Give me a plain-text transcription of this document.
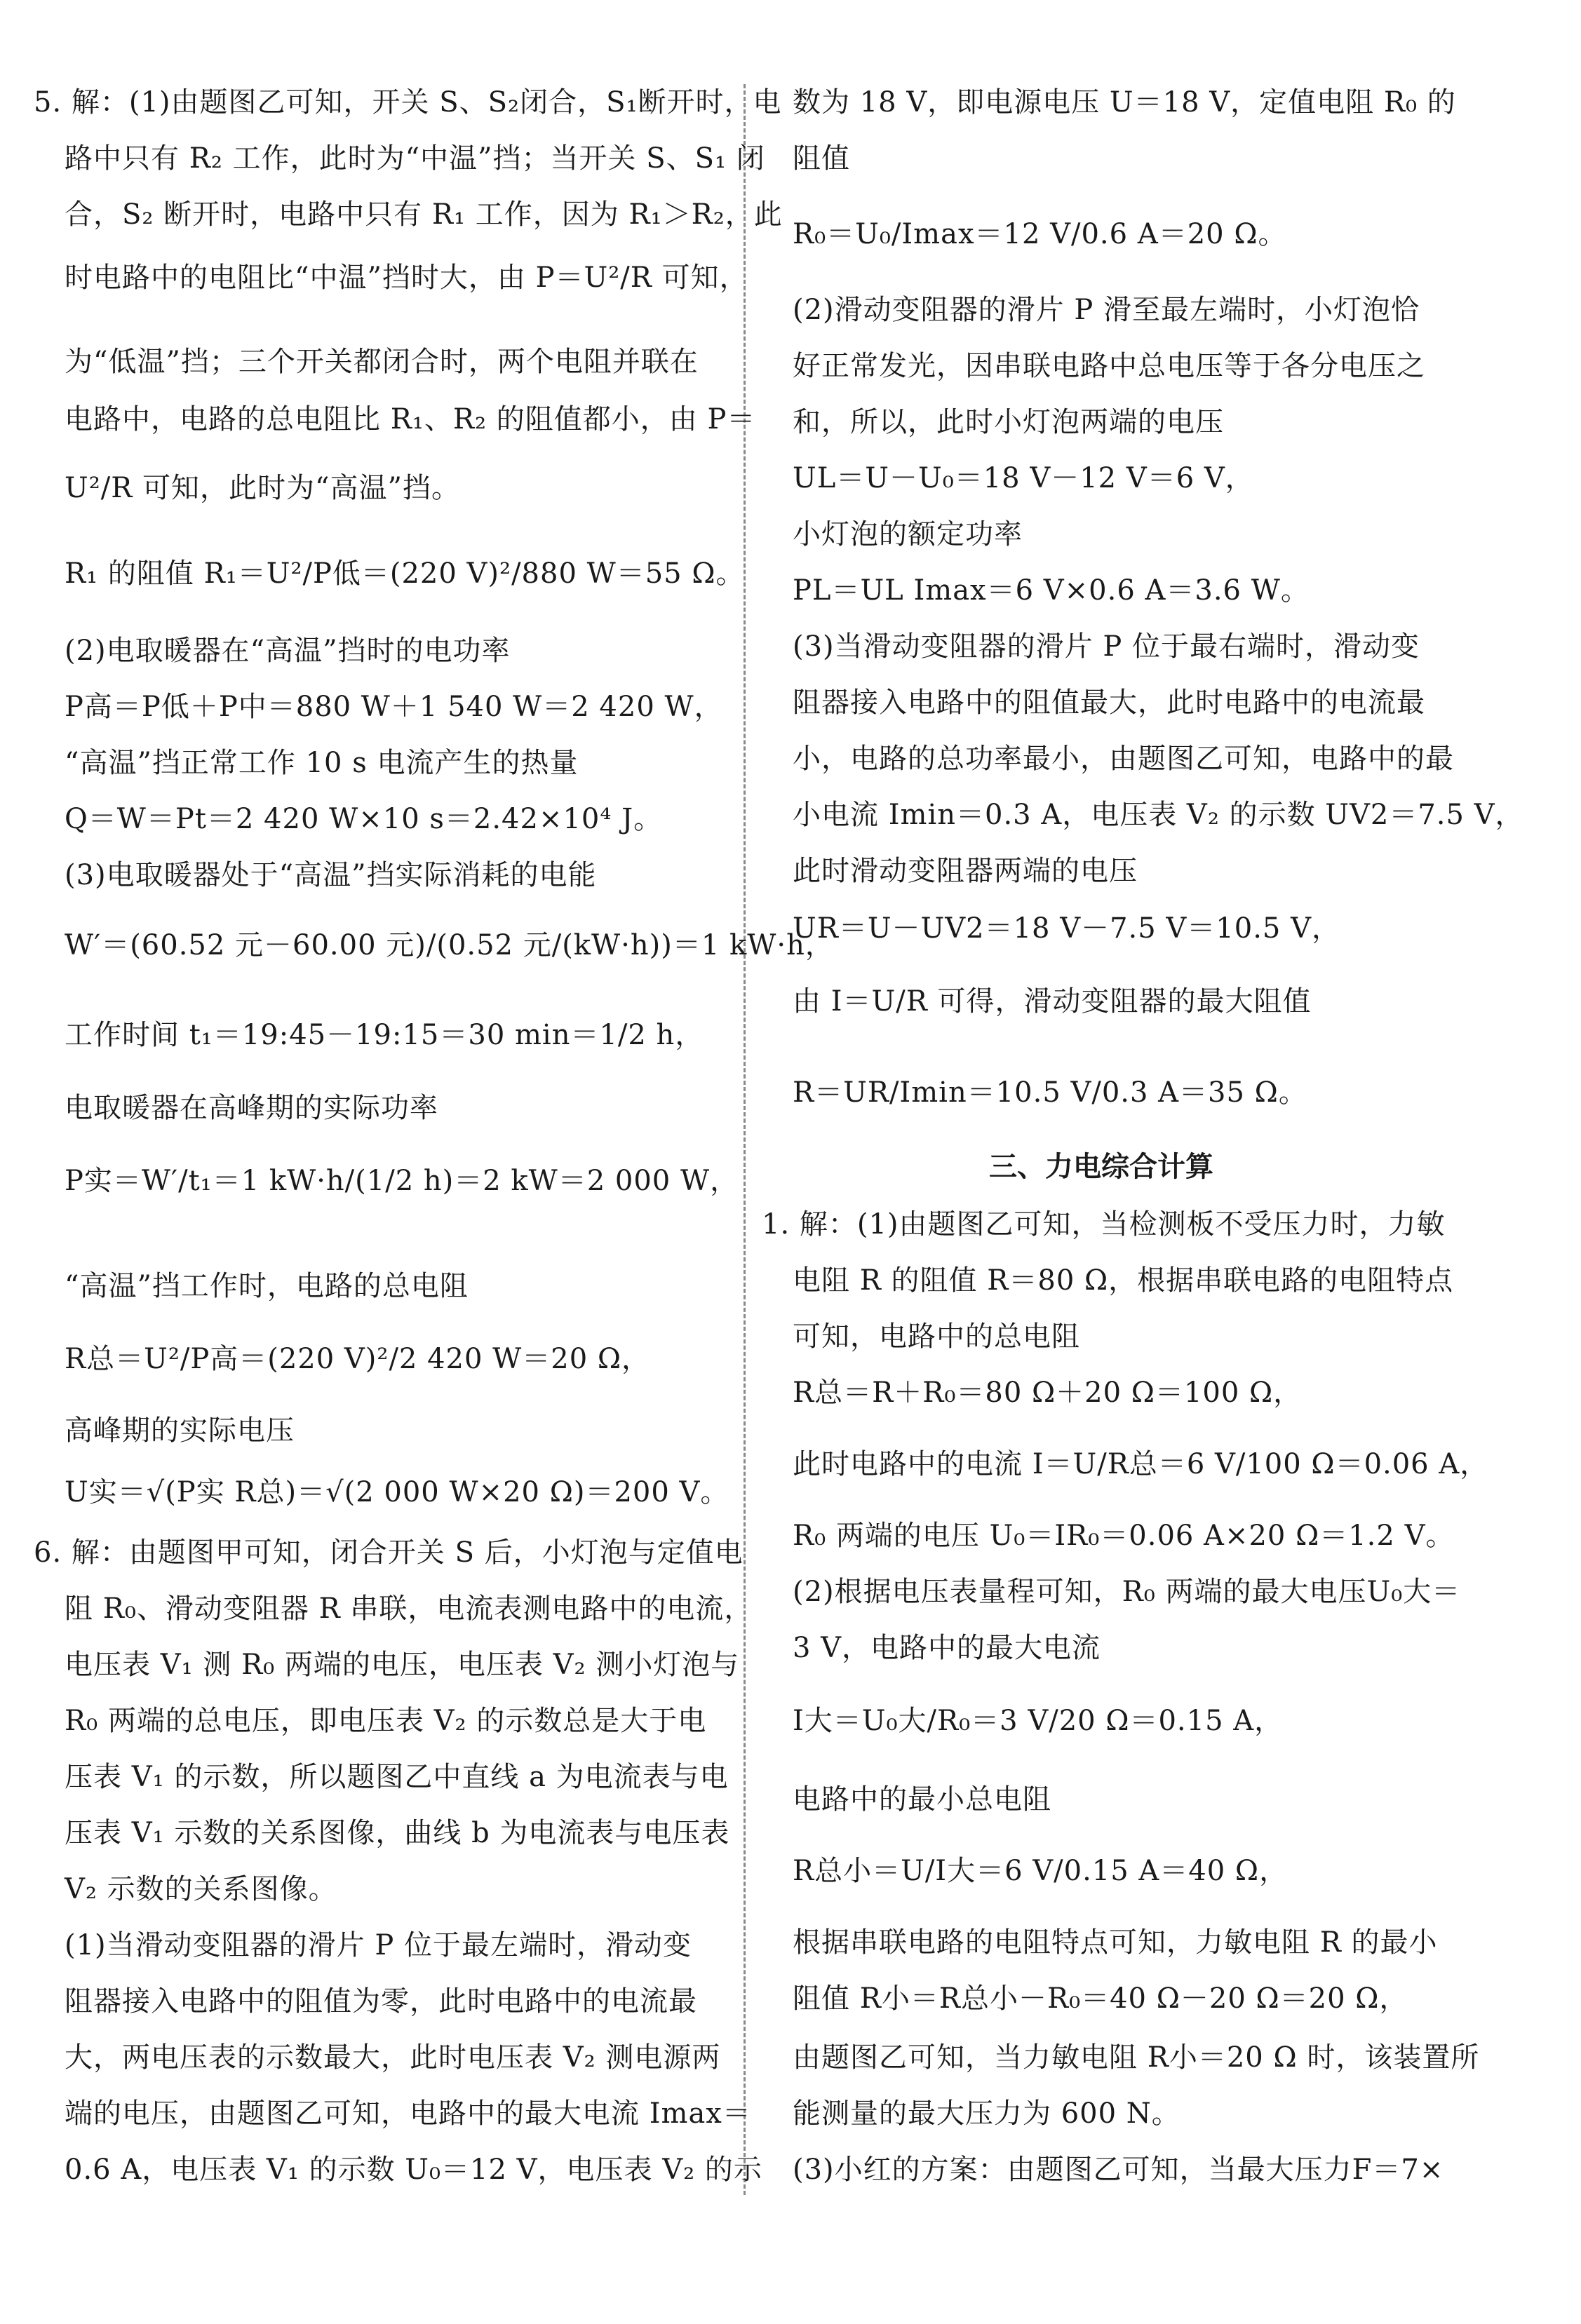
5. 解：(1)由题图乙可知，开关 S、S₂闭合，S₁断开时，电
路中只有 R₂ 工作，此时为“中温”挡；当开关 S、S₁ 闭
合，S₂ 断开时，电路中只有 R₁ 工作，因为 R₁＞R₂，此
时电路中的电阻比“中温”挡时大，由 P＝U²/R 可知，
为“低温”挡；三个开关都闭合时，两个电阻并联在
电路中，电路的总电阻比 R₁、R₂ 的阻值都小，由 P＝
U²/R 可知，此时为“高温”挡。
R₁ 的阻值 R₁＝U²/P低＝(220 V)²/880 W＝55 Ω。
(2)电取暖器在“高温”挡时的电功率
P高＝P低＋P中＝880 W＋1 540 W＝2 420 W，
“高温”挡正常工作 10 s 电流产生的热量
Q＝W＝Pt＝2 420 W×10 s＝2.42×10⁴ J。
(3)电取暖器处于“高温”挡实际消耗的电能
W′＝(60.52 元－60.00 元)/(0.52 元/(kW·h))＝1 kW·h，
工作时间 t₁＝19:45－19:15＝30 min＝1/2 h，
电取暖器在高峰期的实际功率
P实＝W′/t₁＝1 kW·h/(1/2 h)＝2 kW＝2 000 W，
“高温”挡工作时，电路的总电阻
R总＝U²/P高＝(220 V)²/2 420 W＝20 Ω，
高峰期的实际电压
U实＝√(P实 R总)＝√(2 000 W×20 Ω)＝200 V。
6. 解：由题图甲可知，闭合开关 S 后，小灯泡与定值电
阻 R₀、滑动变阻器 R 串联，电流表测电路中的电流，
电压表 V₁ 测 R₀ 两端的电压，电压表 V₂ 测小灯泡与
R₀ 两端的总电压，即电压表 V₂ 的示数总是大于电
压表 V₁ 的示数，所以题图乙中直线 a 为电流表与电
压表 V₁ 示数的关系图像，曲线 b 为电流表与电压表
V₂ 示数的关系图像。
(1)当滑动变阻器的滑片 P 位于最左端时，滑动变
阻器接入电路中的阻值为零，此时电路中的电流最
大，两电压表的示数最大，此时电压表 V₂ 测电源两
端的电压，由题图乙可知，电路中的最大电流 Imax＝
0.6 A，电压表 V₁ 的示数 U₀＝12 V，电压表 V₂ 的示
数为 18 V，即电源电压 U＝18 V，定值电阻 R₀ 的
阻值
R₀＝U₀/Imax＝12 V/0.6 A＝20 Ω。
(2)滑动变阻器的滑片 P 滑至最左端时，小灯泡恰
好正常发光，因串联电路中总电压等于各分电压之
和，所以，此时小灯泡两端的电压
UL＝U－U₀＝18 V－12 V＝6 V，
小灯泡的额定功率
PL＝UL Imax＝6 V×0.6 A＝3.6 W。
(3)当滑动变阻器的滑片 P 位于最右端时，滑动变
阻器接入电路中的阻值最大，此时电路中的电流最
小，电路的总功率最小，由题图乙可知，电路中的最
小电流 Imin＝0.3 A，电压表 V₂ 的示数 UV2＝7.5 V，
此时滑动变阻器两端的电压
UR＝U－UV2＝18 V－7.5 V＝10.5 V，
由 I＝U/R 可得，滑动变阻器的最大阻值
R＝UR/Imin＝10.5 V/0.3 A＝35 Ω。
三、力电综合计算
1. 解：(1)由题图乙可知，当检测板不受压力时，力敏
电阻 R 的阻值 R＝80 Ω，根据串联电路的电阻特点
可知，电路中的总电阻
R总＝R＋R₀＝80 Ω＋20 Ω＝100 Ω，
此时电路中的电流 I＝U/R总＝6 V/100 Ω＝0.06 A，
R₀ 两端的电压 U₀＝IR₀＝0.06 A×20 Ω＝1.2 V。
(2)根据电压表量程可知，R₀ 两端的最大电压U₀大＝
3 V，电路中的最大电流
I大＝U₀大/R₀＝3 V/20 Ω＝0.15 A，
电路中的最小总电阻
R总小＝U/I大＝6 V/0.15 A＝40 Ω，
根据串联电路的电阻特点可知，力敏电阻 R 的最小
阻值 R小＝R总小－R₀＝40 Ω－20 Ω＝20 Ω，
由题图乙可知，当力敏电阻 R小＝20 Ω 时，该装置所
能测量的最大压力为 600 N。
(3)小红的方案：由题图乙可知，当最大压力F＝7×
